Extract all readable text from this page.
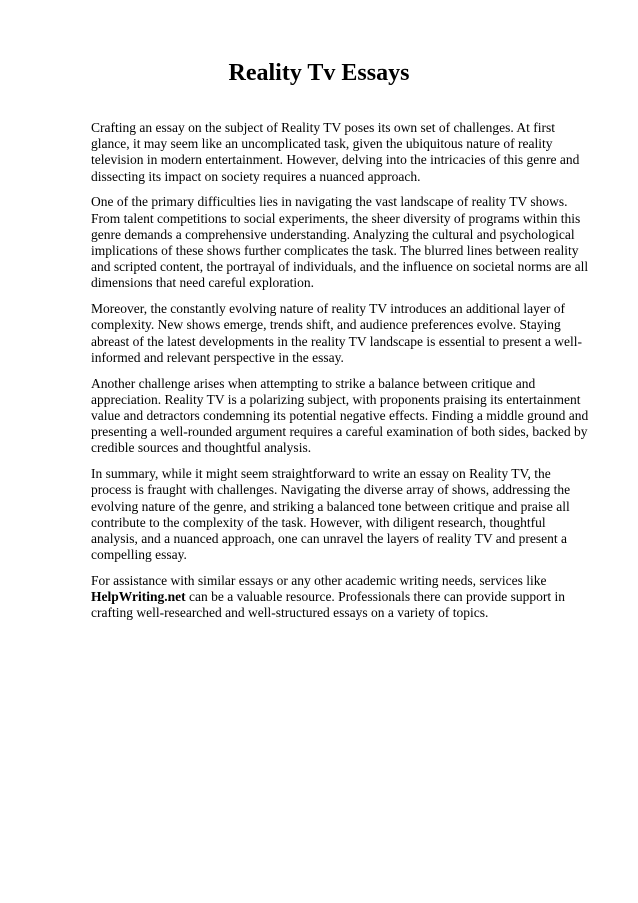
Reality Tv Essays

Crafting an essay on the subject of Reality TV poses its own set of challenges. At first glance, it may seem like an uncomplicated task, given the ubiquitous nature of reality television in modern entertainment. However, delving into the intricacies of this genre and dissecting its impact on society requires a nuanced approach.

One of the primary difficulties lies in navigating the vast landscape of reality TV shows. From talent competitions to social experiments, the sheer diversity of programs within this genre demands a comprehensive understanding. Analyzing the cultural and psychological implications of these shows further complicates the task. The blurred lines between reality and scripted content, the portrayal of individuals, and the influence on societal norms are all dimensions that need careful exploration.

Moreover, the constantly evolving nature of reality TV introduces an additional layer of complexity. New shows emerge, trends shift, and audience preferences evolve. Staying abreast of the latest developments in the reality TV landscape is essential to present a well-informed and relevant perspective in the essay.

Another challenge arises when attempting to strike a balance between critique and appreciation. Reality TV is a polarizing subject, with proponents praising its entertainment value and detractors condemning its potential negative effects. Finding a middle ground and presenting a well-rounded argument requires a careful examination of both sides, backed by credible sources and thoughtful analysis.

In summary, while it might seem straightforward to write an essay on Reality TV, the process is fraught with challenges. Navigating the diverse array of shows, addressing the evolving nature of the genre, and striking a balanced tone between critique and praise all contribute to the complexity of the task. However, with diligent research, thoughtful analysis, and a nuanced approach, one can unravel the layers of reality TV and present a compelling essay.

For assistance with similar essays or any other academic writing needs, services like HelpWriting.net can be a valuable resource. Professionals there can provide support in crafting well-researched and well-structured essays on a variety of topics.
